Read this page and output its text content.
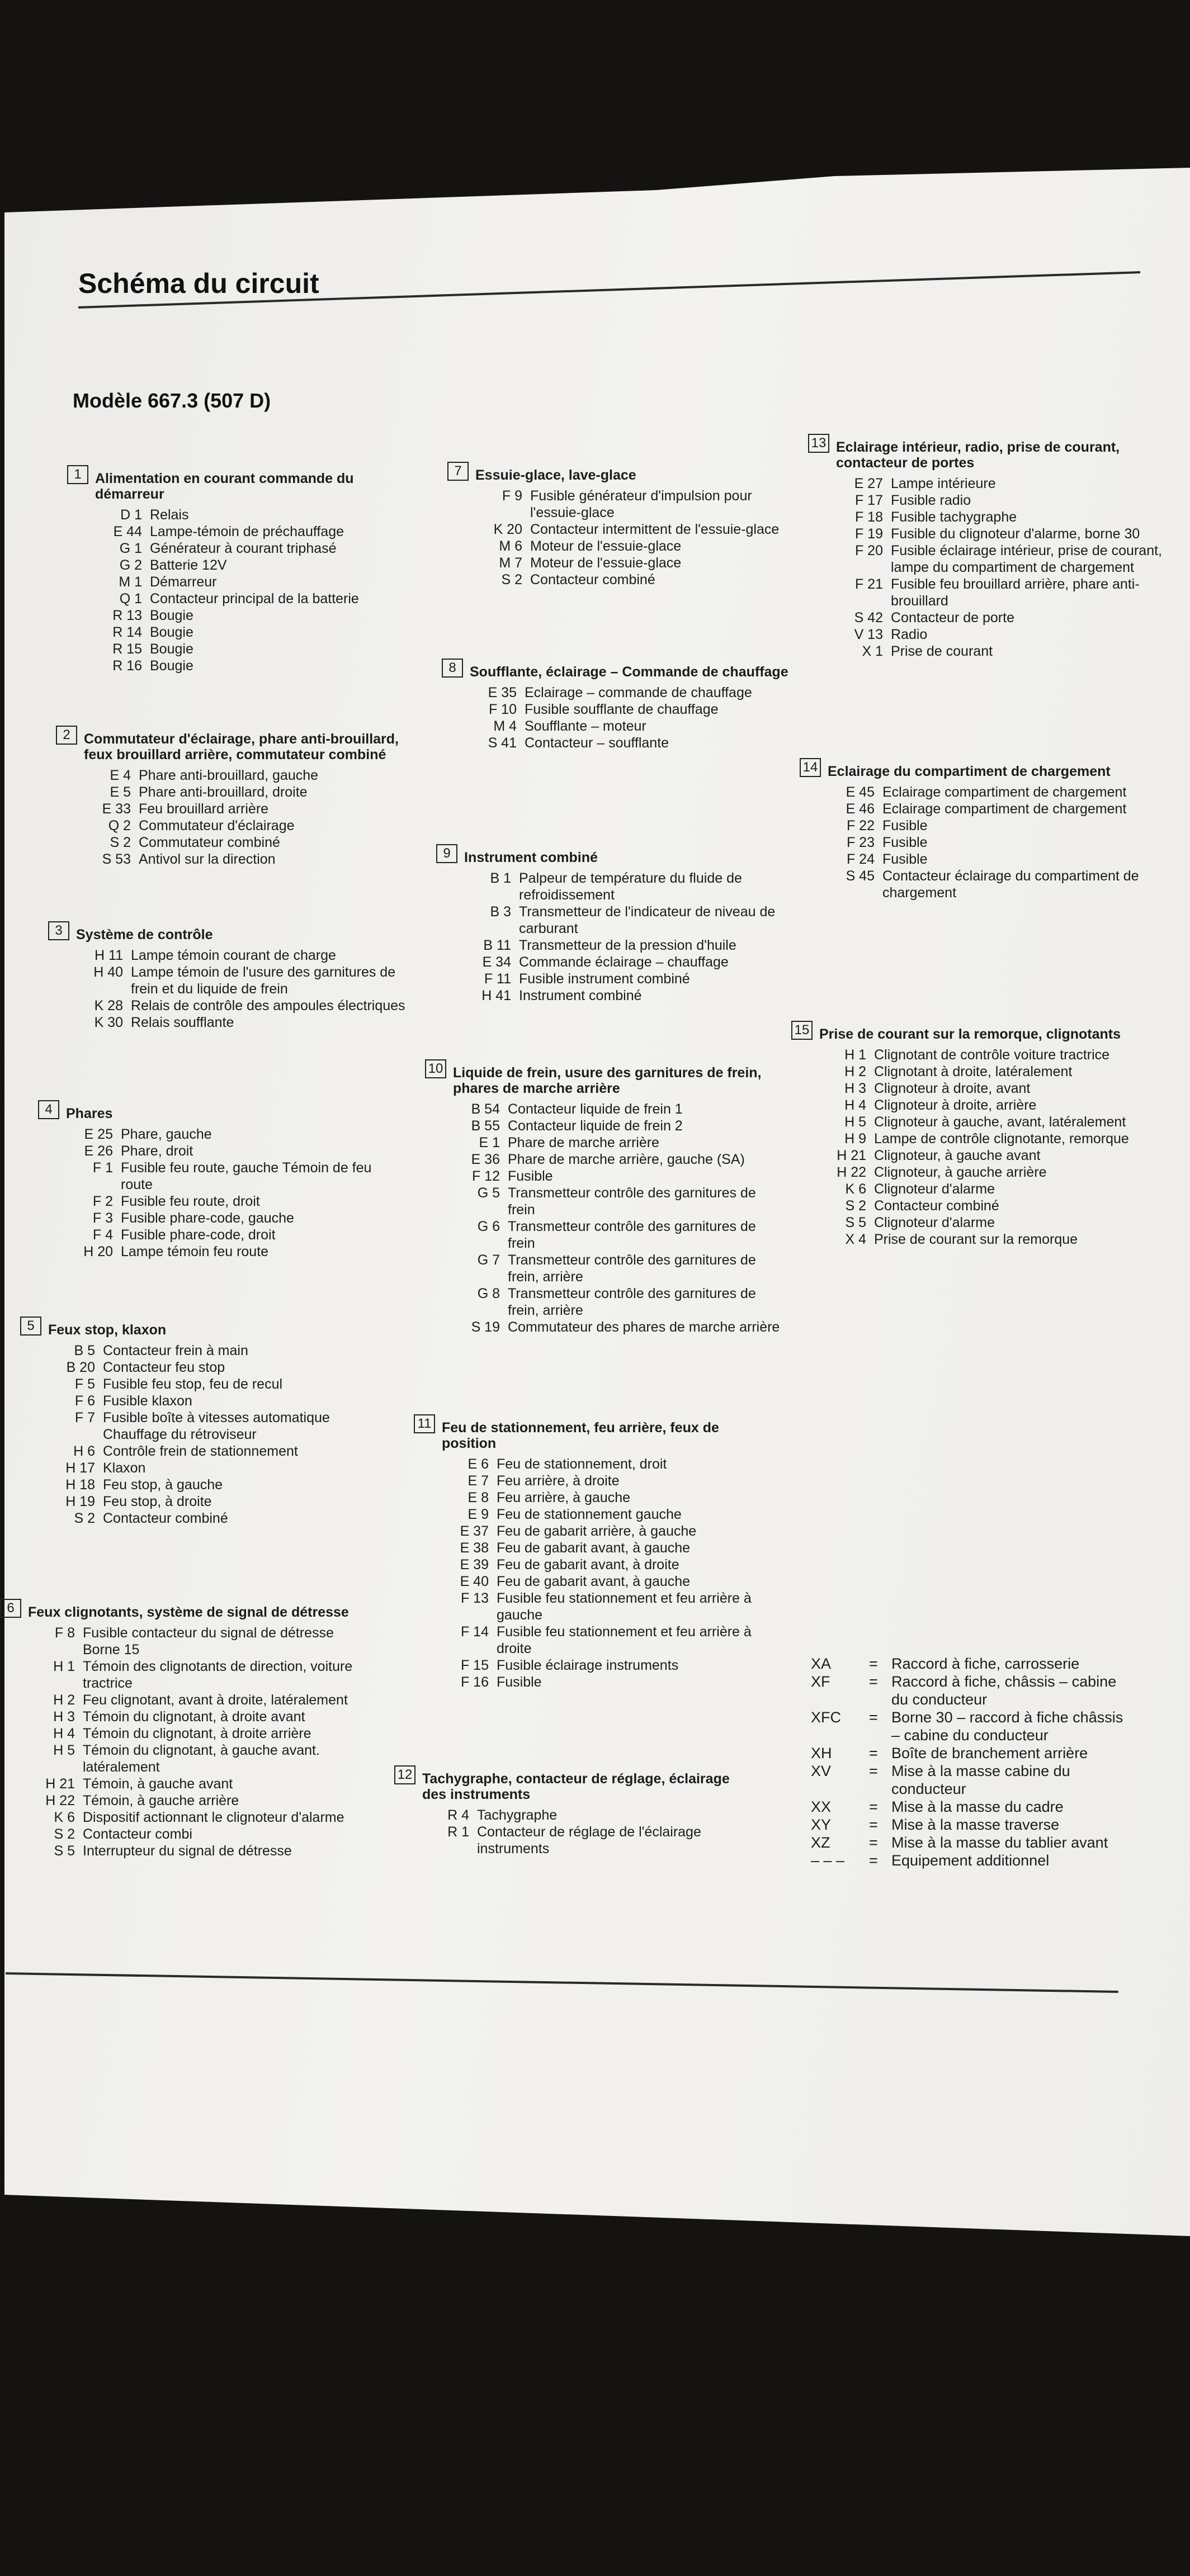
Schéma du circuit
Modèle 667.3 (507 D)
1 Alimentation en courant commande du démarreur
D 1 Relais
E 44 Lampe-témoin de préchauffage
G 1 Générateur à courant triphasé
G 2 Batterie 12V
M 1 Démarreur
Q 1 Contacteur principal de la batterie
R 13 Bougie
R 14 Bougie
R 15 Bougie
R 16 Bougie
2 Commutateur d'éclairage, phare anti-brouillard, feux brouillard arrière, commutateur combiné
E 4 Phare anti-brouillard, gauche
E 5 Phare anti-brouillard, droite
E 33 Feu brouillard arrière
Q 2 Commutateur d'éclairage
S 2 Commutateur combiné
S 53 Antivol sur la direction
3 Système de contrôle
H 11 Lampe témoin courant de charge
H 40 Lampe témoin de l'usure des garnitures de frein et du liquide de frein
K 28 Relais de contrôle des ampoules électriques
K 30 Relais soufflante
4 Phares
E 25 Phare, gauche
E 26 Phare, droit
F 1 Fusible feu route, gauche Témoin de feu route
F 2 Fusible feu route, droit
F 3 Fusible phare-code, gauche
F 4 Fusible phare-code, droit
H 20 Lampe témoin feu route
5 Feux stop, klaxon
B 5 Contacteur frein à main
B 20 Contacteur feu stop
F 5 Fusible feu stop, feu de recul
F 6 Fusible klaxon
F 7 Fusible boîte à vitesses automatique Chauffage du rétroviseur
H 6 Contrôle frein de stationnement
H 17 Klaxon
H 18 Feu stop, à gauche
H 19 Feu stop, à droite
S 2 Contacteur combiné
6 Feux clignotants, système de signal de détresse
F 8 Fusible contacteur du signal de détresse Borne 15
H 1 Témoin des clignotants de direction, voiture tractrice
H 2 Feu clignotant, avant à droite, latéralement
H 3 Témoin du clignotant, à droite avant
H 4 Témoin du clignotant, à droite arrière
H 5 Témoin du clignotant, à gauche avant. latéralement
H 21 Témoin, à gauche avant
H 22 Témoin, à gauche arrière
K 6 Dispositif actionnant le clignoteur d'alarme
S 2 Contacteur combi
S 5 Interrupteur du signal de détresse
7 Essuie-glace, lave-glace
F 9 Fusible générateur d'impulsion pour l'essuie-glace
K 20 Contacteur intermittent de l'essuie-glace
M 6 Moteur de l'essuie-glace
M 7 Moteur de l'essuie-glace
S 2 Contacteur combiné
8 Soufflante, éclairage – Commande de chauffage
E 35 Eclairage – commande de chauffage
F 10 Fusible soufflante de chauffage
M 4 Soufflante – moteur
S 41 Contacteur – soufflante
9 Instrument combiné
B 1 Palpeur de température du fluide de refroidissement
B 3 Transmetteur de l'indicateur de niveau de carburant
B 11 Transmetteur de la pression d'huile
E 34 Commande éclairage – chauffage
F 11 Fusible instrument combiné
H 41 Instrument combiné
10 Liquide de frein, usure des garnitures de frein, phares de marche arrière
B 54 Contacteur liquide de frein 1
B 55 Contacteur liquide de frein 2
E 1 Phare de marche arrière
E 36 Phare de marche arrière, gauche (SA)
F 12 Fusible
G 5 Transmetteur contrôle des garnitures de frein
G 6 Transmetteur contrôle des garnitures de frein
G 7 Transmetteur contrôle des garnitures de frein, arrière
G 8 Transmetteur contrôle des garnitures de frein, arrière
S 19 Commutateur des phares de marche arrière
11 Feu de stationnement, feu arrière, feux de position
E 6 Feu de stationnement, droit
E 7 Feu arrière, à droite
E 8 Feu arrière, à gauche
E 9 Feu de stationnement gauche
E 37 Feu de gabarit arrière, à gauche
E 38 Feu de gabarit avant, à gauche
E 39 Feu de gabarit avant, à droite
E 40 Feu de gabarit avant, à gauche
F 13 Fusible feu stationnement et feu arrière à gauche
F 14 Fusible feu stationnement et feu arrière à droite
F 15 Fusible éclairage instruments
F 16 Fusible
12 Tachygraphe, contacteur de réglage, éclairage des instruments
R 4 Tachygraphe
R 1 Contacteur de réglage de l'éclairage instruments
13 Eclairage intérieur, radio, prise de courant, contacteur de portes
E 27 Lampe intérieure
F 17 Fusible radio
F 18 Fusible tachygraphe
F 19 Fusible du clignoteur d'alarme, borne 30
F 20 Fusible éclairage intérieur, prise de courant, lampe du compartiment de chargement
F 21 Fusible feu brouillard arrière, phare anti-brouillard
S 42 Contacteur de porte
V 13 Radio
X 1 Prise de courant
14 Eclairage du compartiment de chargement
E 45 Eclairage compartiment de chargement
E 46 Eclairage compartiment de chargement
F 22 Fusible
F 23 Fusible
F 24 Fusible
S 45 Contacteur éclairage du compartiment de chargement
15 Prise de courant sur la remorque, clignotants
H 1 Clignotant de contrôle voiture tractrice
H 2 Clignotant à droite, latéralement
H 3 Clignoteur à droite, avant
H 4 Clignoteur à droite, arrière
H 5 Clignoteur à gauche, avant, latéralement
H 9 Lampe de contrôle clignotante, remorque
H 21 Clignoteur, à gauche avant
H 22 Clignoteur, à gauche arrière
K 6 Clignoteur d'alarme
S 2 Contacteur combiné
S 5 Clignoteur d'alarme
X 4 Prise de courant sur la remorque
XA	= Raccord à fiche, carrosserie
XF	= Raccord à fiche, châssis – cabine du conducteur
XFC	= Borne 30 – raccord à fiche châssis – cabine du conducteur
XH	= Boîte de branchement arrière
XV	= Mise à la masse cabine du conducteur
XX	= Mise à la masse du cadre
XY	= Mise à la masse traverse
XZ	= Mise à la masse du tablier avant
– – –	= Equipement additionnel
